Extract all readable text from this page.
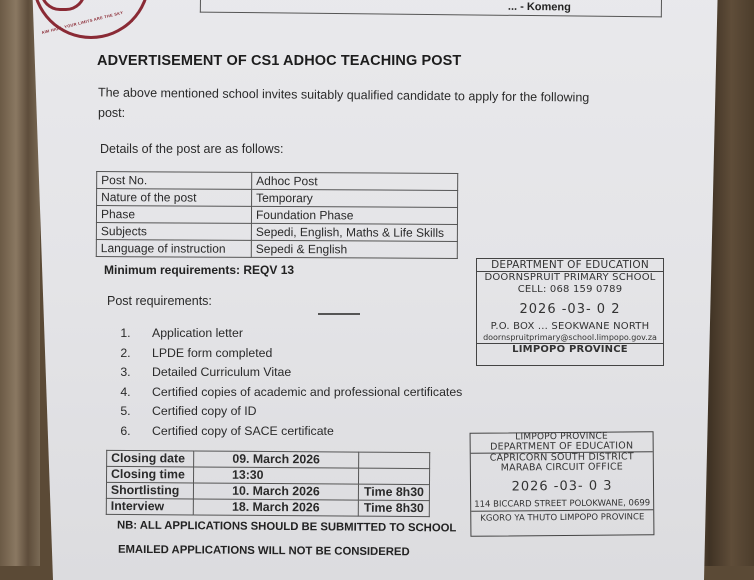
AIM HIGH, YOUR LIMITS ARE THE SKY
... - Komeng
ADVERTISEMENT OF CS1 ADHOC TEACHING POST
The above mentioned school invites suitably qualified candidate to apply for the following
post:
Details of the post are as follows:
Post No.	Adhoc Post
Nature of the post	Temporary
Phase	Foundation Phase
Subjects	Sepedi, English, Maths & Life Skills
Language of instruction	Sepedi & English
Minimum requirements: REQV 13
Post requirements:
1. Application letter
2. LPDE form completed
3. Detailed Curriculum Vitae
4. Certified copies of academic and professional certificates
5. Certified copy of ID
6. Certified copy of SACE certificate
Closing date	09. March 2026	
Closing time	13:30	
Shortlisting	10. March 2026	Time 8h30
Interview	18. March 2026	Time 8h30
NB: ALL APPLICATIONS SHOULD BE SUBMITTED TO SCHOOL
EMAILED APPLICATIONS WILL NOT BE CONSIDERED
DEPARTMENT OF EDUCATION
DOORNSPRUIT PRIMARY SCHOOL
CELL: 068 159 0789
2026 -03- 0 2
P.O. BOX ... SEOKWANE NORTH
doornspruitprimary@school.limpopo.gov.za
LIMPOPO PROVINCE
LIMPOPO PROVINCE
DEPARTMENT OF EDUCATION
CAPRICORN SOUTH DISTRICT
MARABA CIRCUIT OFFICE
2026 -03- 0 3
114 BICCARD STREET POLOKWANE, 0699
KGORO YA THUTO LIMPOPO PROVINCE
